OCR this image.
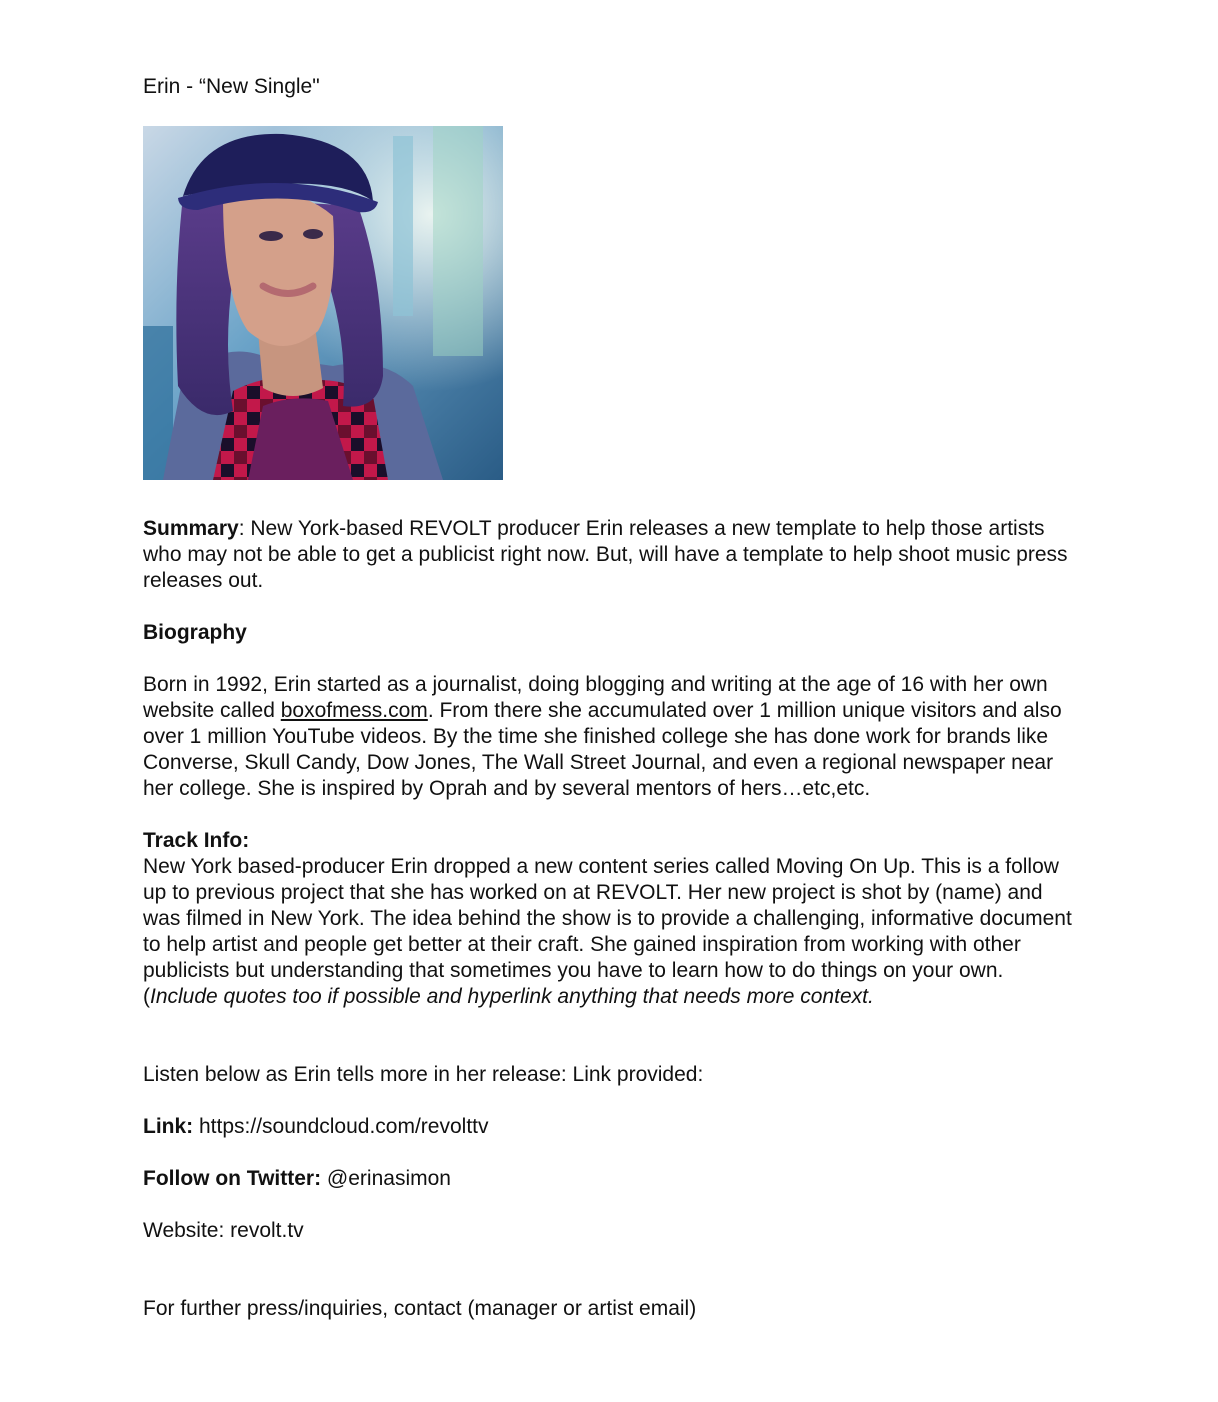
Erin - “New Single"

Summary: New York-based REVOLT producer Erin releases a new template to help those artists who may not be able to get a publicist right now. But, will have a template to help shoot music press releases out.

Biography

Born in 1992, Erin started as a journalist, doing blogging and writing at the age of 16 with her own website called boxofmess.com. From there she accumulated over 1 million unique visitors and also over 1 million YouTube videos. By the time she finished college she has done work for brands like Converse, Skull Candy, Dow Jones, The Wall Street Journal, and even a regional newspaper near her college. She is inspired by Oprah and by several mentors of hers…etc,etc.

Track Info:
New York based-producer Erin dropped a new content series called Moving On Up. This is a follow up to previous project that she has worked on at REVOLT. Her new project is shot by (name) and was filmed in New York. The idea behind the show is to provide a challenging, informative document to help artist and people get better at their craft. She gained inspiration from working with other publicists but understanding that sometimes you have to learn how to do things on your own. (Include quotes too if possible and hyperlink anything that needs more context.

Listen below as Erin tells more in her release: Link provided:

Link: https://soundcloud.com/revolttv

Follow on Twitter: @erinasimon

Website: revolt.tv

For further press/inquiries, contact (manager or artist email)
